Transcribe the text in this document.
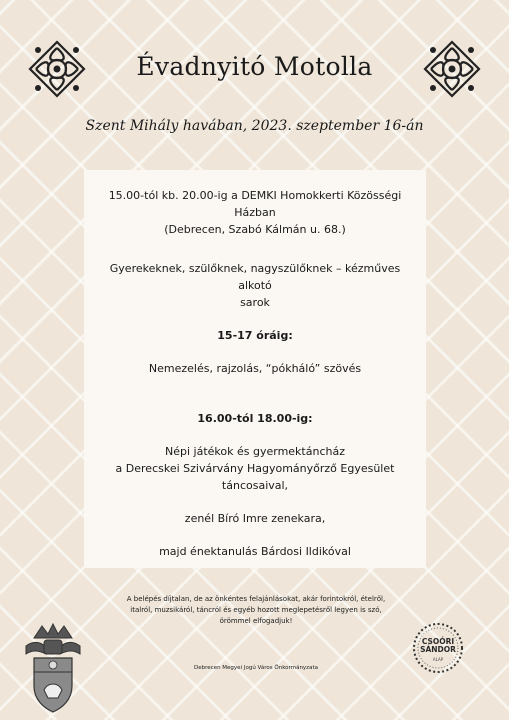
Évadnyitó Motolla
Szent Mihály havában, 2023. szeptember 16-án

15.00-tól kb. 20.00-ig a DEMKI Homokkerti Közösségi

Házban

(Debrecen, Szabó Kálmán u. 68.)

Gyerekeknek, szülőknek, nagyszülőknek – kézműves alkotó

sarok

15-17 óráig:

Nemezelés, rajzolás, “pókháló” szövés

16.00-tól 18.00-ig:

Népi játékok és gyermektáncház

a Derecskei Szivárvány Hagyományőrző Egyesület

táncosaival,

zenél Bíró Imre zenekara,

majd énektanulás Bárdosi Ildikóval

A belépés díjtalan, de az önkéntes felajánlásokat, akár forintokról, ételről,
italról, muzsikáról, táncról és egyéb hozott meglepetésről legyen is szó,
örömmel elfogadjuk!
Debrecen Megyei Jogú Város Önkormányzata
CSOÓRI
SÁNDOR
ALAP
